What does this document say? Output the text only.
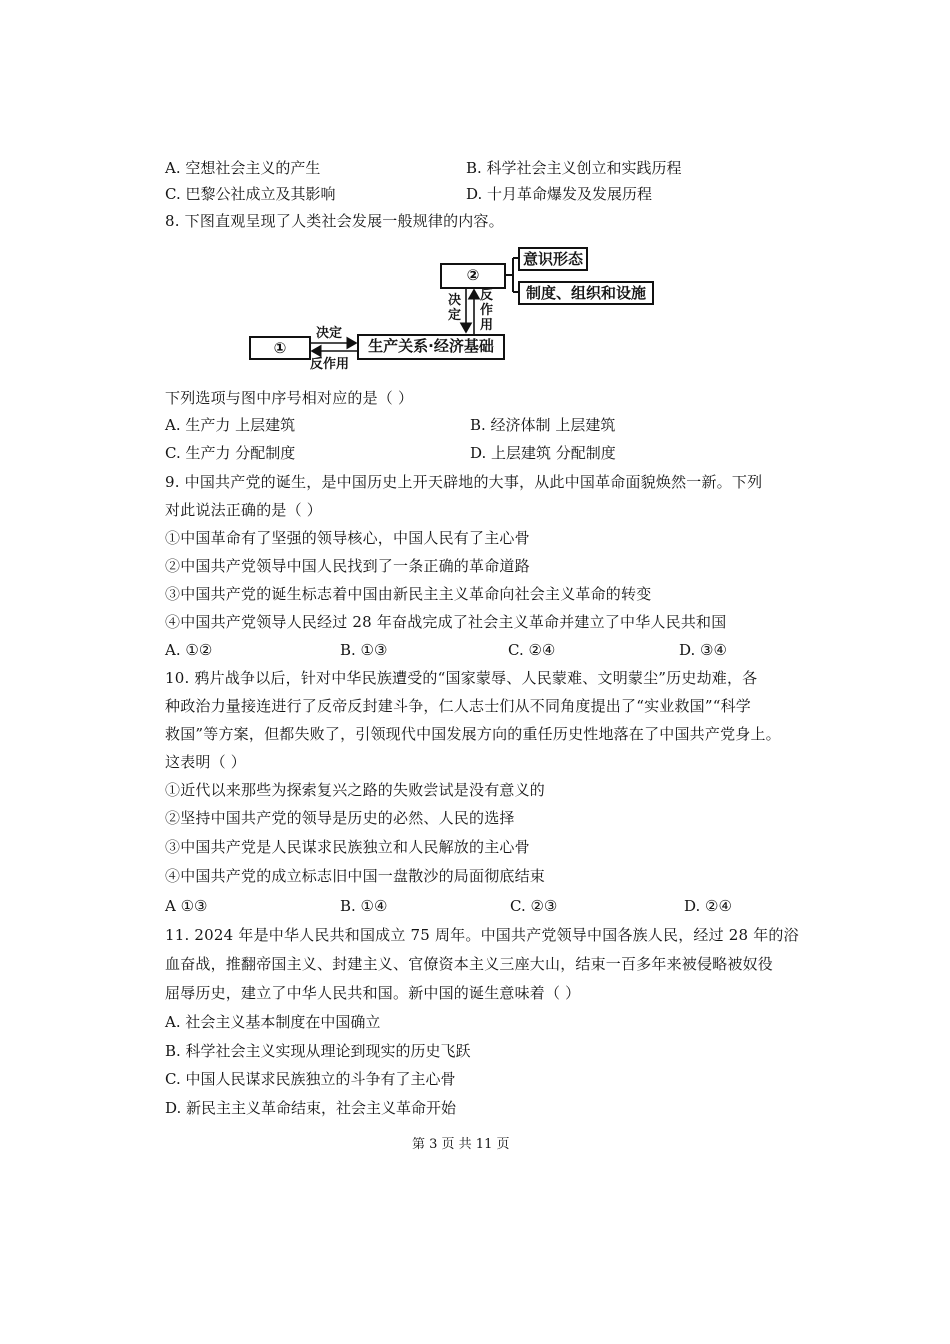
A. 空想社会主义的产生	B. 科学社会主义创立和实践历程
C. 巴黎公社成立及其影响	D. 十月革命爆发及发展历程
8. 下图直观呈现了人类社会发展一般规律的内容。
②
意识形态
制度、组织和设施
①	生产关系·经济基础
决定
反作用
决定
反作用
下列选项与图中序号相对应的是（ ）
A. 生产力 上层建筑	B. 经济体制 上层建筑
C. 生产力 分配制度	D. 上层建筑 分配制度
9. 中国共产党的诞生，是中国历史上开天辟地的大事，从此中国革命面貌焕然一新。下列
对此说法正确的是（ ）
①中国革命有了坚强的领导核心，中国人民有了主心骨
②中国共产党领导中国人民找到了一条正确的革命道路
③中国共产党的诞生标志着中国由新民主主义革命向社会主义革命的转变
④中国共产党领导人民经过 28 年奋战完成了社会主义革命并建立了中华人民共和国
A. ①②	B. ①③	C. ②④	D. ③④
10. 鸦片战争以后，针对中华民族遭受的“国家蒙辱、人民蒙难、文明蒙尘”历史劫难，各
种政治力量接连进行了反帝反封建斗争，仁人志士们从不同角度提出了“实业救国”“科学
救国”等方案，但都失败了，引领现代中国发展方向的重任历史性地落在了中国共产党身上。
这表明（ ）
①近代以来那些为探索复兴之路的失败尝试是没有意义的
②坚持中国共产党的领导是历史的必然、人民的选择
③中国共产党是人民谋求民族独立和人民解放的主心骨
④中国共产党的成立标志旧中国一盘散沙的局面彻底结束
A ①③	B. ①④	C. ②③	D. ②④
11. 2024 年是中华人民共和国成立 75 周年。中国共产党领导中国各族人民，经过 28 年的浴
血奋战，推翻帝国主义、封建主义、官僚资本主义三座大山，结束一百多年来被侵略被奴役
屈辱历史，建立了中华人民共和国。新中国的诞生意味着（ ）
A. 社会主义基本制度在中国确立
B. 科学社会主义实现从理论到现实的历史飞跃
C. 中国人民谋求民族独立的斗争有了主心骨
D. 新民主主义革命结束，社会主义革命开始
第 3 页 共 11 页
